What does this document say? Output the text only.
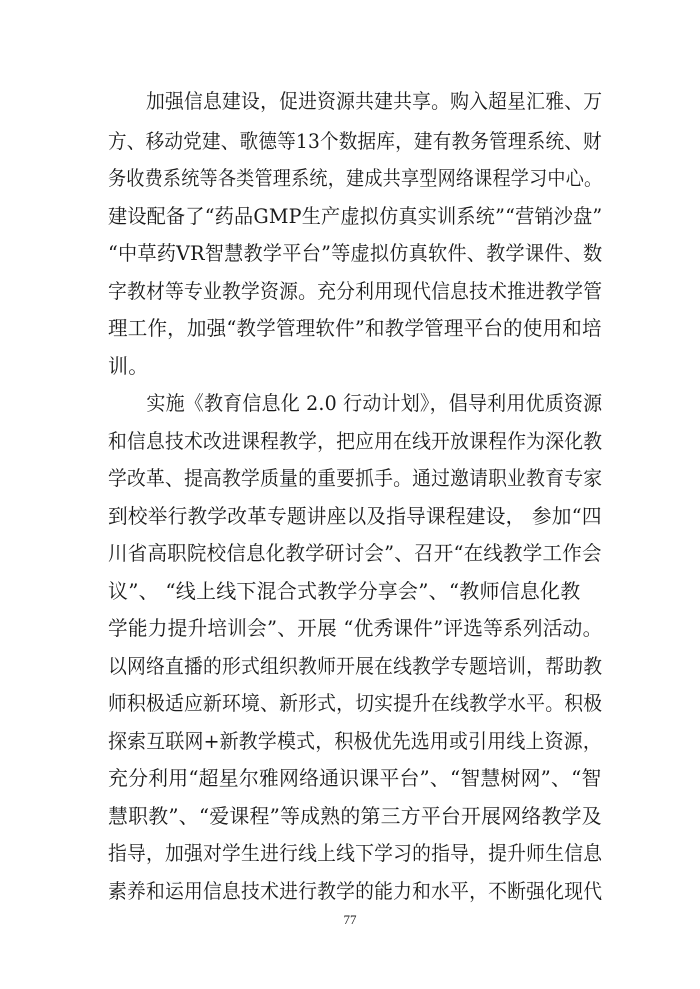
　　加强信息建设，促进资源共建共享。购入超星汇雅、万
方、移动党建、歌德等13个数据库，建有教务管理系统、财
务收费系统等各类管理系统，建成共享型网络课程学习中心。
建设配备了“药品GMP生产虚拟仿真实训系统”“营销沙盘”
“中草药VR智慧教学平台”等虚拟仿真软件、教学课件、数
字教材等专业教学资源。充分利用现代信息技术推进教学管
理工作，加强“教学管理软件”和教学管理平台的使用和培
训。
　　实施《教育信息化 2.0 行动计划》，倡导利用优质资源
和信息技术改进课程教学，把应用在线开放课程作为深化教
学改革、提高教学质量的重要抓手。通过邀请职业教育专家
到校举行教学改革专题讲座以及指导课程建设， 参加“四
川省高职院校信息化教学研讨会”、召开“在线教学工作会
议”、 “线上线下混合式教学分享会”、“教师信息化教
学能力提升培训会”、开展 “优秀课件”评选等系列活动。
以网络直播的形式组织教师开展在线教学专题培训，帮助教
师积极适应新环境、新形式，切实提升在线教学水平。积极
探索互联网+新教学模式，积极优先选用或引用线上资源，
充分利用“超星尔雅网络通识课平台”、“智慧树网”、“智
慧职教”、“爱课程”等成熟的第三方平台开展网络教学及
指导，加强对学生进行线上线下学习的指导，提升师生信息
素养和运用信息技术进行教学的能力和水平，不断强化现代
77
